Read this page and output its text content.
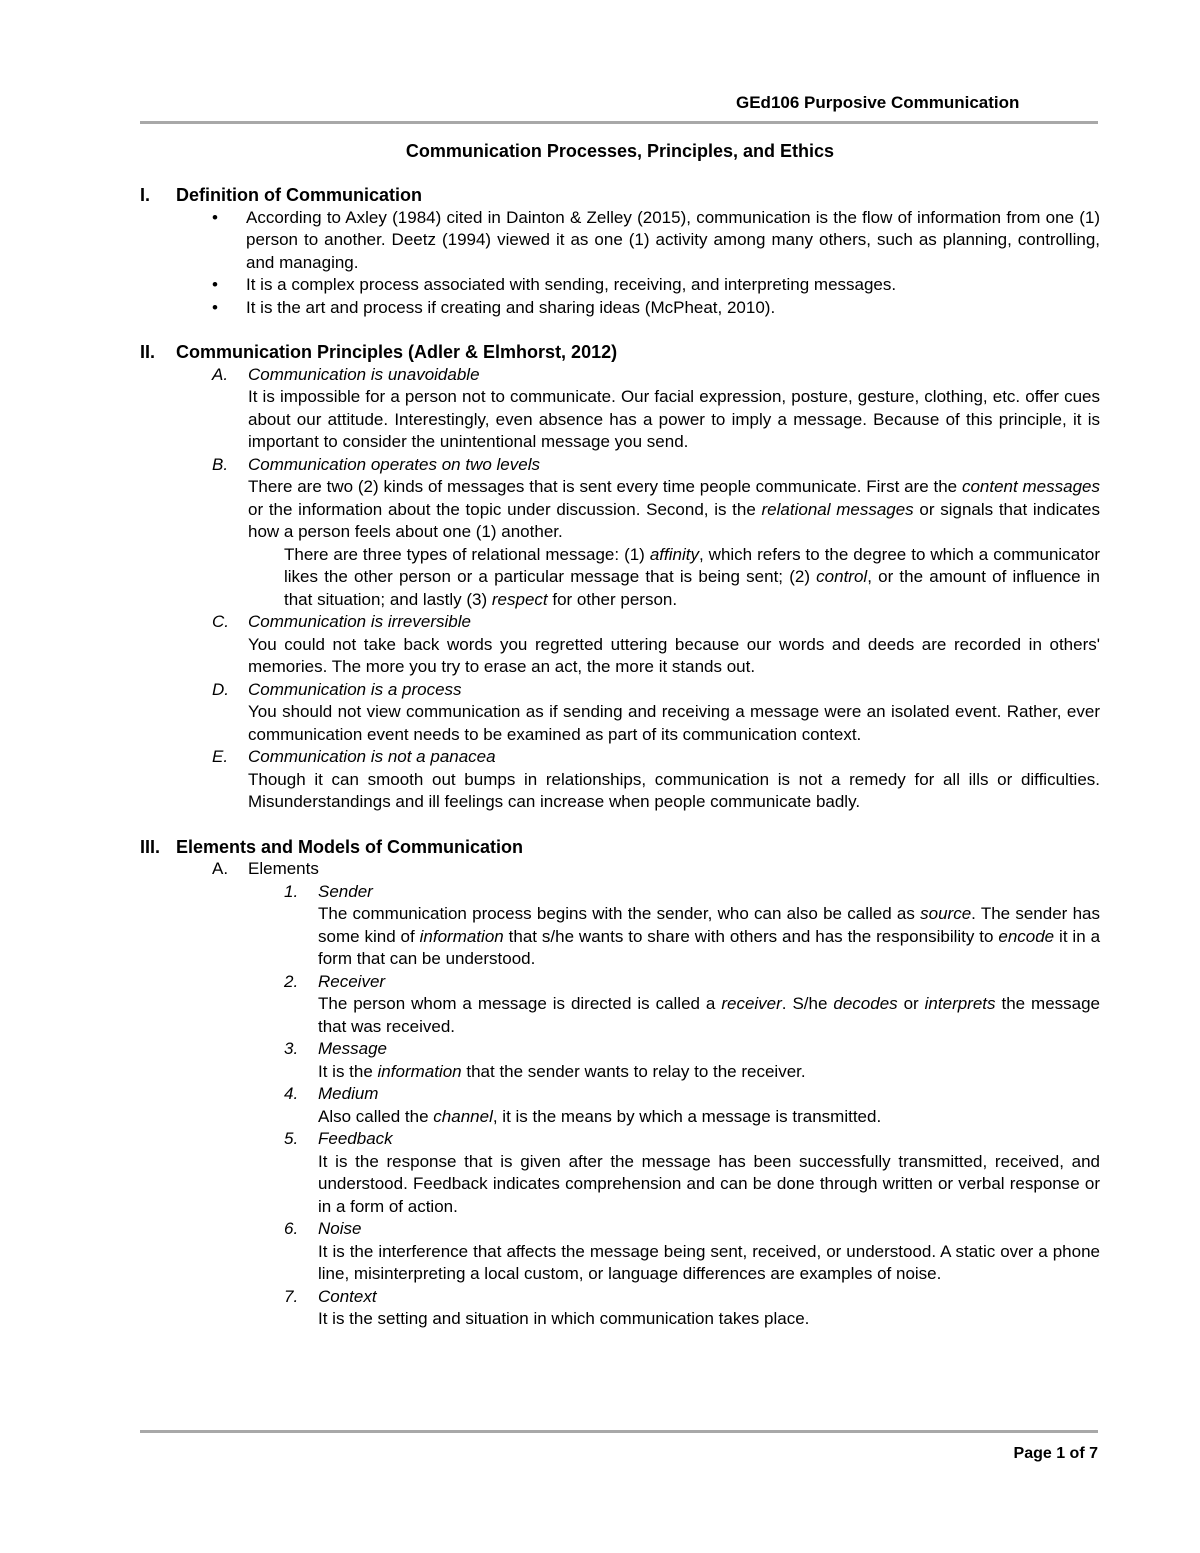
GEd106 Purposive Communication
Communication Processes, Principles, and Ethics
I. Definition of Communication
• According to Axley (1984) cited in Dainton & Zelley (2015), communication is the flow of information from one (1) person to another. Deetz (1994) viewed it as one (1) activity among many others, such as planning, controlling, and managing.
• It is a complex process associated with sending, receiving, and interpreting messages.
• It is the art and process if creating and sharing ideas (McPheat, 2010).
II. Communication Principles (Adler & Elmhorst, 2012)
A. Communication is unavoidable
It is impossible for a person not to communicate. Our facial expression, posture, gesture, clothing, etc. offer cues about our attitude. Interestingly, even absence has a power to imply a message. Because of this principle, it is important to consider the unintentional message you send.
B. Communication operates on two levels
There are two (2) kinds of messages that is sent every time people communicate. First are the content messages or the information about the topic under discussion. Second, is the relational messages or signals that indicates how a person feels about one (1) another.
There are three types of relational message: (1) affinity, which refers to the degree to which a communicator likes the other person or a particular message that is being sent; (2) control, or the amount of influence in that situation; and lastly (3) respect for other person.
C. Communication is irreversible
You could not take back words you regretted uttering because our words and deeds are recorded in others' memories. The more you try to erase an act, the more it stands out.
D. Communication is a process
You should not view communication as if sending and receiving a message were an isolated event. Rather, ever communication event needs to be examined as part of its communication context.
E. Communication is not a panacea
Though it can smooth out bumps in relationships, communication is not a remedy for all ills or difficulties. Misunderstandings and ill feelings can increase when people communicate badly.
III. Elements and Models of Communication
A. Elements
1. Sender
The communication process begins with the sender, who can also be called as source. The sender has some kind of information that s/he wants to share with others and has the responsibility to encode it in a form that can be understood.
2. Receiver
The person whom a message is directed is called a receiver. S/he decodes or interprets the message that was received.
3. Message
It is the information that the sender wants to relay to the receiver.
4. Medium
Also called the channel, it is the means by which a message is transmitted.
5. Feedback
It is the response that is given after the message has been successfully transmitted, received, and understood. Feedback indicates comprehension and can be done through written or verbal response or in a form of action.
6. Noise
It is the interference that affects the message being sent, received, or understood. A static over a phone line, misinterpreting a local custom, or language differences are examples of noise.
7. Context
It is the setting and situation in which communication takes place.
Page 1 of 7
